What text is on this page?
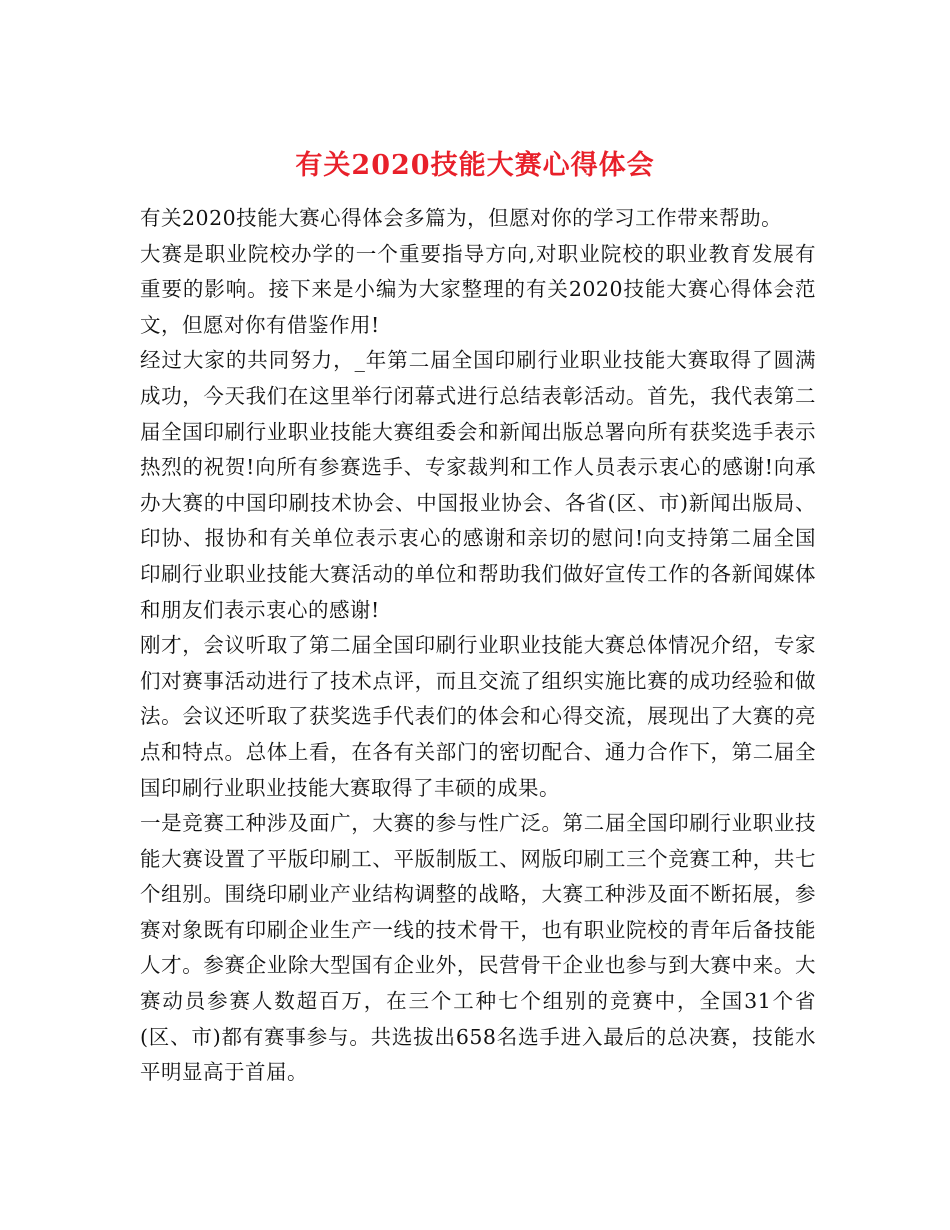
有关2020技能大赛心得体会

有关2020技能大赛心得体会多篇为，但愿对你的学习工作带来帮助。

大赛是职业院校办学的一个重要指导方向,对职业院校的职业教育发展有重要的影响。接下来是小编为大家整理的有关2020技能大赛心得体会范文，但愿对你有借鉴作用!

经过大家的共同努力，_年第二届全国印刷行业职业技能大赛取得了圆满成功，今天我们在这里举行闭幕式进行总结表彰活动。首先，我代表第二届全国印刷行业职业技能大赛组委会和新闻出版总署向所有获奖选手表示热烈的祝贺!向所有参赛选手、专家裁判和工作人员表示衷心的感谢!向承办大赛的中国印刷技术协会、中国报业协会、各省(区、市)新闻出版局、印协、报协和有关单位表示衷心的感谢和亲切的慰问!向支持第二届全国印刷行业职业技能大赛活动的单位和帮助我们做好宣传工作的各新闻媒体和朋友们表示衷心的感谢!

刚才，会议听取了第二届全国印刷行业职业技能大赛总体情况介绍，专家们对赛事活动进行了技术点评，而且交流了组织实施比赛的成功经验和做法。会议还听取了获奖选手代表们的体会和心得交流，展现出了大赛的亮点和特点。总体上看，在各有关部门的密切配合、通力合作下，第二届全国印刷行业职业技能大赛取得了丰硕的成果。

一是竞赛工种涉及面广，大赛的参与性广泛。第二届全国印刷行业职业技能大赛设置了平版印刷工、平版制版工、网版印刷工三个竞赛工种，共七个组别。围绕印刷业产业结构调整的战略，大赛工种涉及面不断拓展，参赛对象既有印刷企业生产一线的技术骨干，也有职业院校的青年后备技能人才。参赛企业除大型国有企业外，民营骨干企业也参与到大赛中来。大赛动员参赛人数超百万，在三个工种七个组别的竞赛中，全国31个省(区、市)都有赛事参与。共选拔出658名选手进入最后的总决赛，技能水平明显高于首届。
